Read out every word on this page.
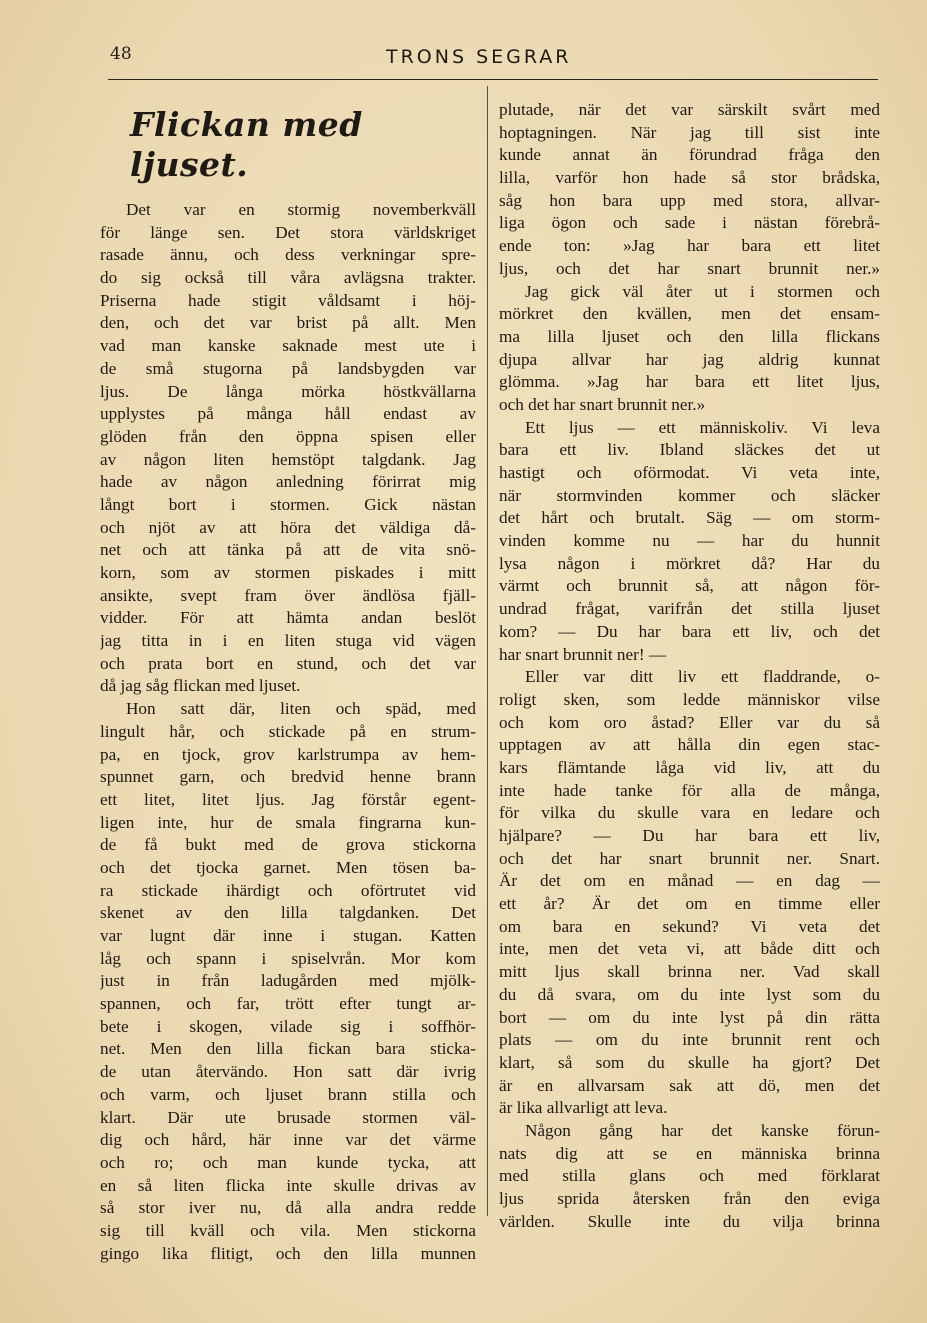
48	TRONS SEGRAR
Flickan med ljuset.
Det var en stormig novemberkväll
för länge sen. Det stora världskriget
rasade ännu, och dess verkningar spre-
do sig också till våra avlägsna trakter.
Priserna hade stigit våldsamt i höj-
den, och det var brist på allt. Men
vad man kanske saknade mest ute i
de små stugorna på landsbygden var
ljus. De långa mörka höstkvällarna
upplystes på många håll endast av
glöden från den öppna spisen eller
av någon liten hemstöpt talgdank. Jag
hade av någon anledning förirrat mig
långt bort i stormen. Gick nästan
och njöt av att höra det väldiga då-
net och att tänka på att de vita snö-
korn, som av stormen piskades i mitt
ansikte, svept fram över ändlösa fjäll-
vidder. För att hämta andan beslöt
jag titta in i en liten stuga vid vägen
och prata bort en stund, och det var
då jag såg flickan med ljuset.
Hon satt där, liten och späd, med
lingult hår, och stickade på en strum-
pa, en tjock, grov karlstrumpa av hem-
spunnet garn, och bredvid henne brann
ett litet, litet ljus. Jag förstår egent-
ligen inte, hur de smala fingrarna kun-
de få bukt med de grova stickorna
och det tjocka garnet. Men tösen ba-
ra stickade ihärdigt och oförtrutet vid
skenet av den lilla talgdanken. Det
var lugnt där inne i stugan. Katten
låg och spann i spiselvrån. Mor kom
just in från ladugården med mjölk-
spannen, och far, trött efter tungt ar-
bete i skogen, vilade sig i soffhör-
net. Men den lilla fickan bara sticka-
de utan återvändo. Hon satt där ivrig
och varm, och ljuset brann stilla och
klart. Där ute brusade stormen väl-
dig och hård, här inne var det värme
och ro; och man kunde tycka, att
en så liten flicka inte skulle drivas av
så stor iver nu, då alla andra redde
sig till kväll och vila. Men stickorna
gingo lika flitigt, och den lilla munnen
plutade, när det var särskilt svårt med
hoptagningen. När jag till sist inte
kunde annat än förundrad fråga den
lilla, varför hon hade så stor brådska,
såg hon bara upp med stora, allvar-
liga ögon och sade i nästan förebrå-
ende ton: »Jag har bara ett litet
ljus, och det har snart brunnit ner.»
Jag gick väl åter ut i stormen och
mörkret den kvällen, men det ensam-
ma lilla ljuset och den lilla flickans
djupa allvar har jag aldrig kunnat
glömma. »Jag har bara ett litet ljus,
och det har snart brunnit ner.»
Ett ljus — ett människoliv. Vi leva
bara ett liv. Ibland släckes det ut
hastigt och oförmodat. Vi veta inte,
när stormvinden kommer och släcker
det hårt och brutalt. Säg — om storm-
vinden komme nu — har du hunnit
lysa någon i mörkret då? Har du
värmt och brunnit så, att någon för-
undrad frågat, varifrån det stilla ljuset
kom? — Du har bara ett liv, och det
har snart brunnit ner! —
Eller var ditt liv ett fladdrande, o-
roligt sken, som ledde människor vilse
och kom oro åstad? Eller var du så
upptagen av att hålla din egen stac-
kars flämtande låga vid liv, att du
inte hade tanke för alla de många,
för vilka du skulle vara en ledare och
hjälpare? — Du har bara ett liv,
och det har snart brunnit ner. Snart.
Är det om en månad — en dag —
ett år? Är det om en timme eller
om bara en sekund? Vi veta det
inte, men det veta vi, att både ditt och
mitt ljus skall brinna ner. Vad skall
du då svara, om du inte lyst som du
bort — om du inte lyst på din rätta
plats — om du inte brunnit rent och
klart, så som du skulle ha gjort? Det
är en allvarsam sak att dö, men det
är lika allvarligt att leva.
Någon gång har det kanske förun-
nats dig att se en människa brinna
med stilla glans och med förklarat
ljus sprida återsken från den eviga
världen. Skulle inte du vilja brinna
